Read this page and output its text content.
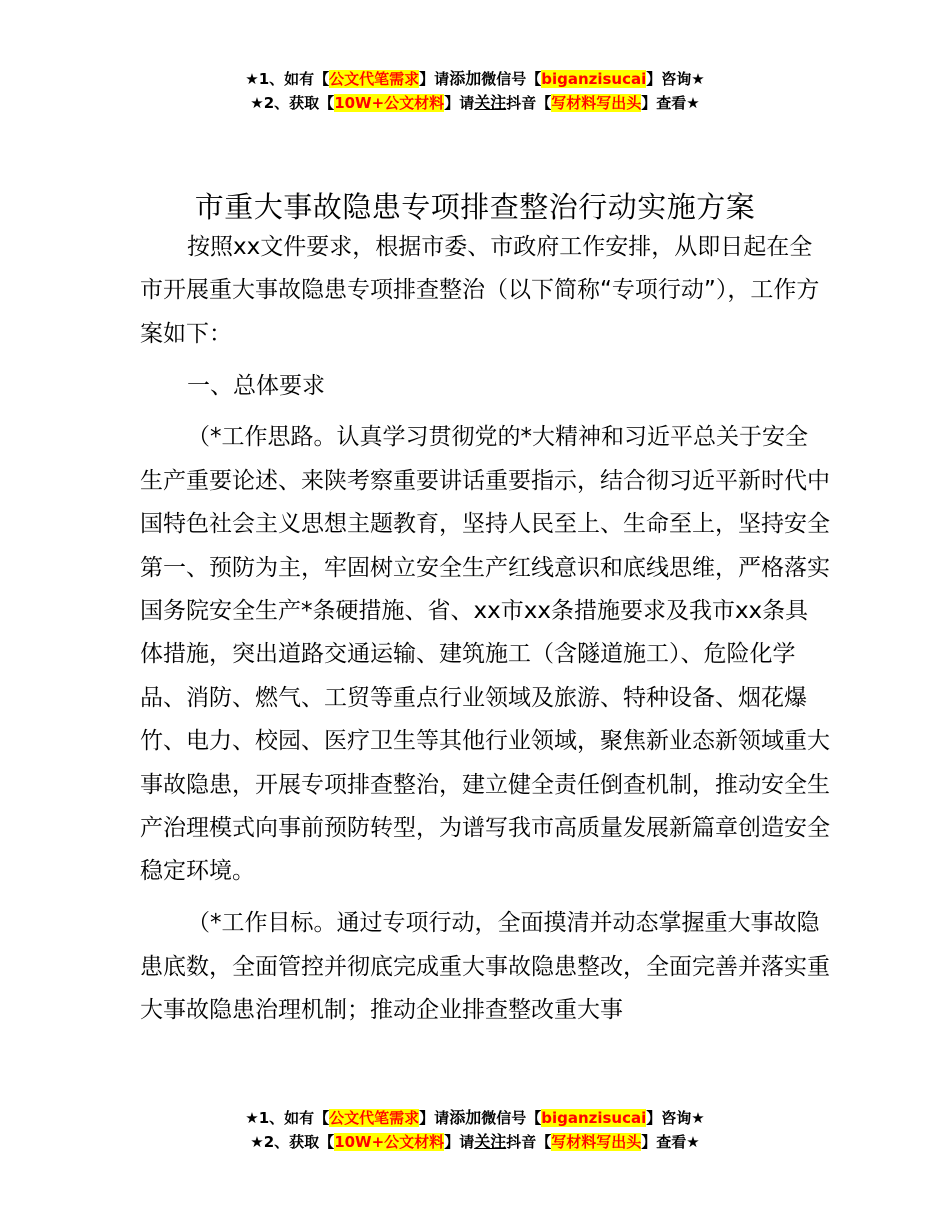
★1、如有【公文代笔需求】请添加微信号【biganzisucai】咨询★
★2、获取【10W+公文材料】请关注抖音【写材料写出头】查看★
市重大事故隐患专项排查整治行动实施方案

按照xx文件要求，根据市委、市政府工作安排，从即日起在全市开展重大事故隐患专项排查整治（以下简称“专项行动”），工作方案如下：

一、总体要求

（*工作思路。认真学习贯彻党的*大精神和习近平总关于安全生产重要论述、来陕考察重要讲话重要指示，结合彻习近平新时代中国特色社会主义思想主题教育，坚持人民至上、生命至上，坚持安全第一、预防为主，牢固树立安全生产红线意识和底线思维，严格落实国务院安全生产*条硬措施、省、xx市xx条措施要求及我市xx条具体措施，突出道路交通运输、建筑施工（含隧道施工）、危险化学品、消防、燃气、工贸等重点行业领域及旅游、特种设备、烟花爆竹、电力、校园、医疗卫生等其他行业领域，聚焦新业态新领域重大事故隐患，开展专项排查整治，建立健全责任倒查机制，推动安全生产治理模式向事前预防转型，为谱写我市高质量发展新篇章创造安全稳定环境。

（*工作目标。通过专项行动，全面摸清并动态掌握重大事故隐患底数，全面管控并彻底完成重大事故隐患整改，全面完善并落实重大事故隐患治理机制；推动企业排查整改重大事

★1、如有【公文代笔需求】请添加微信号【biganzisucai】咨询★
★2、获取【10W+公文材料】请关注抖音【写材料写出头】查看★
